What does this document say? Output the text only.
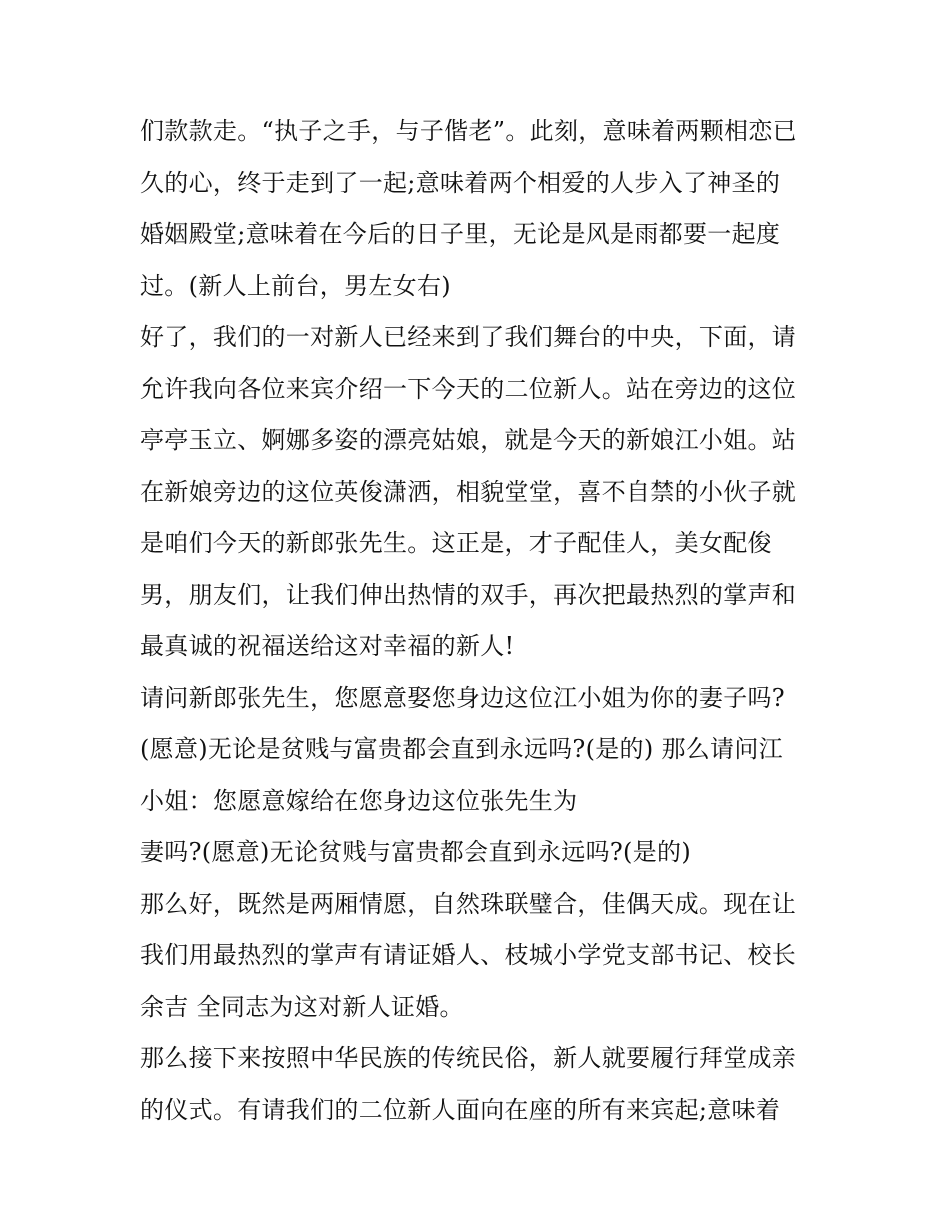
们款款走。“执子之手，与子偕老”。此刻，意味着两颗相恋已
久的心，终于走到了一起;意味着两个相爱的人步入了神圣的
婚姻殿堂;意味着在今后的日子里，无论是风是雨都要一起度
过。(新人上前台，男左女右)
好了，我们的一对新人已经来到了我们舞台的中央，下面，请
允许我向各位来宾介绍一下今天的二位新人。站在旁边的这位
亭亭玉立、婀娜多姿的漂亮姑娘，就是今天的新娘江小姐。站
在新娘旁边的这位英俊潇洒，相貌堂堂，喜不自禁的小伙子就
是咱们今天的新郎张先生。这正是，才子配佳人，美女配俊
男，朋友们，让我们伸出热情的双手，再次把最热烈的掌声和
最真诚的祝福送给这对幸福的新人!
请问新郎张先生，您愿意娶您身边这位江小姐为你的妻子吗?
(愿意)无论是贫贱与富贵都会直到永远吗?(是的) 那么请问江
小姐：您愿意嫁给在您身边这位张先生为
妻吗?(愿意)无论贫贱与富贵都会直到永远吗?(是的)
那么好，既然是两厢情愿，自然珠联璧合，佳偶天成。现在让
我们用最热烈的掌声有请证婚人、枝城小学党支部书记、校长
余吉 全同志为这对新人证婚。
那么接下来按照中华民族的传统民俗，新人就要履行拜堂成亲
的仪式。有请我们的二位新人面向在座的所有来宾起;意味着
